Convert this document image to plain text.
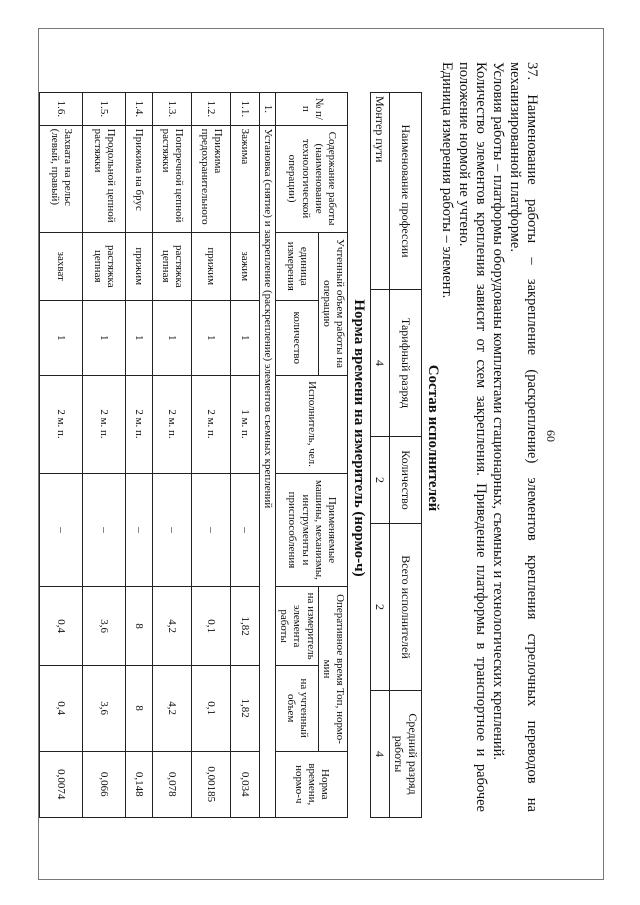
60

37. Наименование работы – закрепление (раскрепление) элементов крепления стрелочных переводов на механизированной платформе.

Условия работы – платформы оборудованы комплектами стационарных, съемных и технологических креплений.

Количество элементов крепления зависит от схем закрепления. Приведение платформы в транспортное и рабочее положение нормой не учтено.

Единица измерения работы – элемент.

Состав исполнителей
Наименование профессии	Тарифный разряд	Количество	Всего исполнителей	Средний разряд работы
Монтер пути	4	2	2	4
Норма времени на измеритель (нормо-ч)
№ п/п	Содержание работы (наименование технологической операции)	Учтенный объем работы на операцию		Исполнитель, чел.	Применяемые машины, механизмы, инструменты и приспособления	Оперативное время Топ, нормо-мин		Норма времени, нормо-ч
		единица измерения	количество			на измеритель элемента работы	на учтенный объем	
1.	Установка (снятие) и закрепление (раскрепление) элементов съемных креплений							
1.1.	Зажима	зажим	1	1 м. п.	–	1,82	1,82	0,034
1.2.	Прижима предохранительного	прижим	1	2 м. п.	–	0,1	0,1	0,00185
1.3.	Поперечной цепной растяжки	растяжка цепная	1	2 м. п.	–	4,2	4,2	0,078
1.4.	Прижима на брус	прижим	1	2 м. п.	–	8	8	0,148
1.5.	Продольной цепной растяжки	растяжка цепная	1	2 м. п.	–	3,6	3,6	0,066
1.6.	Захвата на рельс (левый, правый)	захват	1	2 м. п.	–	0,4	0,4	0,0074
